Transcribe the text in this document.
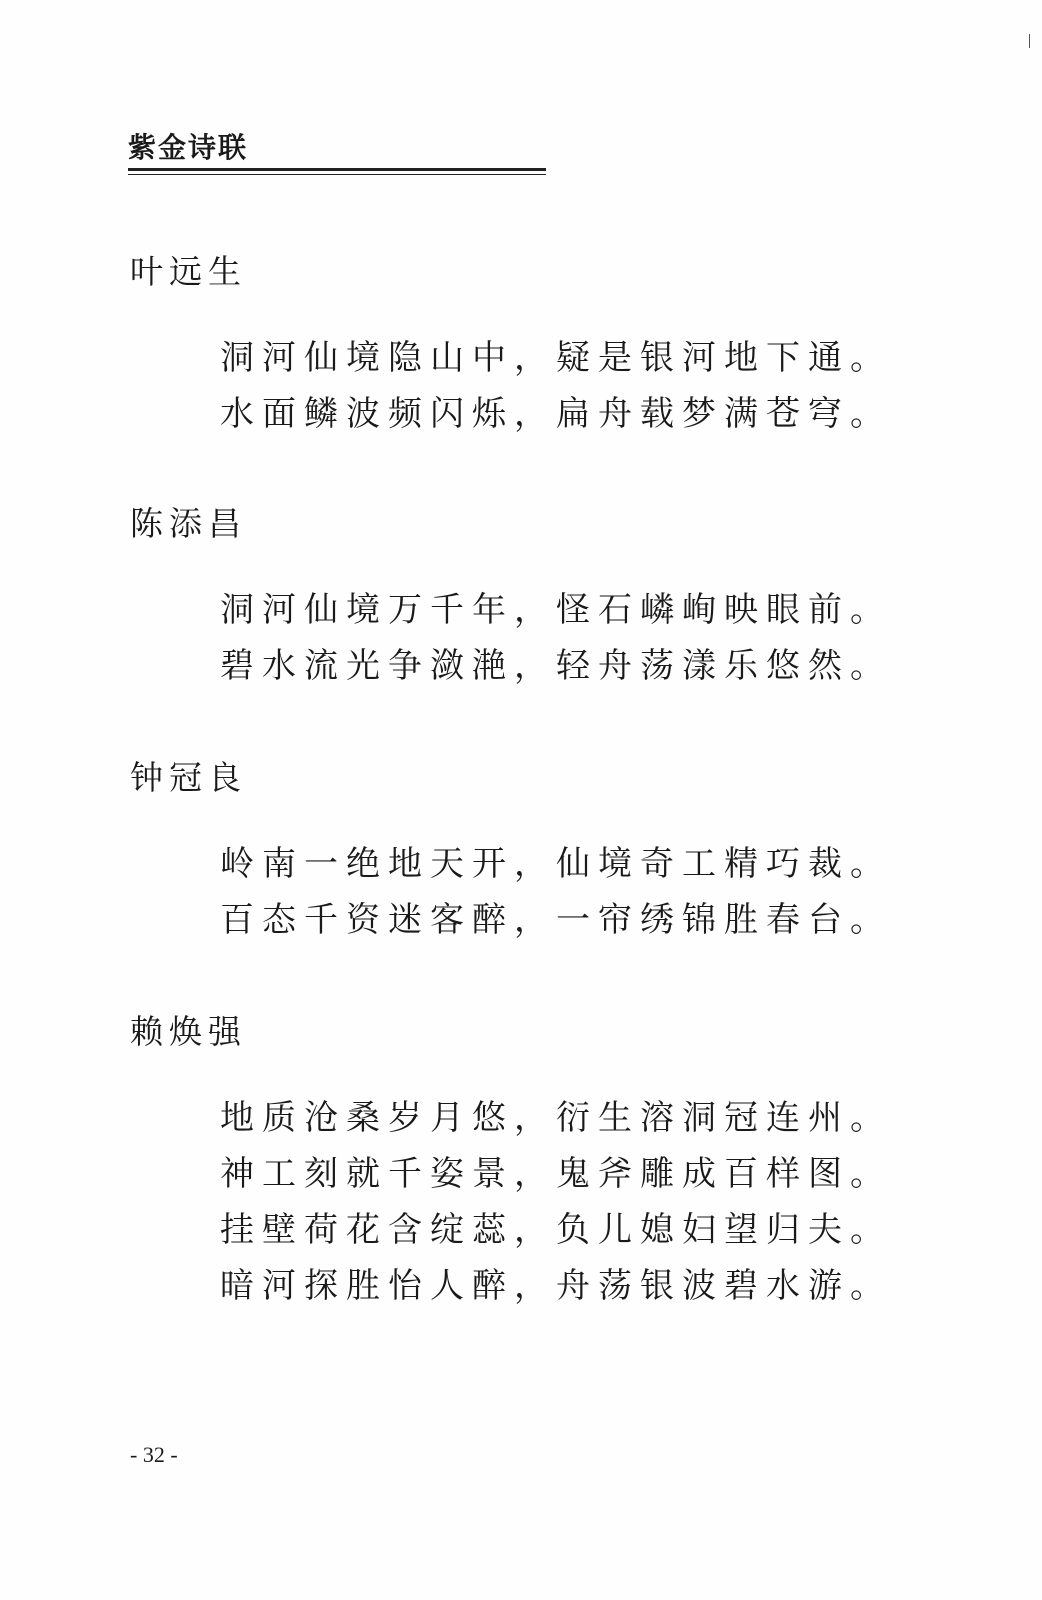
紫金诗联
叶远生
洞河仙境隐山中，疑是银河地下通。
水面鳞波频闪烁，扁舟载梦满苍穹。
陈添昌
洞河仙境万千年，怪石嶙峋映眼前。
碧水流光争潋滟，轻舟荡漾乐悠然。
钟冠良
岭南一绝地天开，仙境奇工精巧裁。
百态千资迷客醉，一帘绣锦胜春台。
赖焕强
地质沧桑岁月悠，衍生溶洞冠连州。
神工刻就千姿景，鬼斧雕成百样图。
挂壁荷花含绽蕊，负儿媳妇望归夫。
暗河探胜怡人醉，舟荡银波碧水游。
- 32 -
